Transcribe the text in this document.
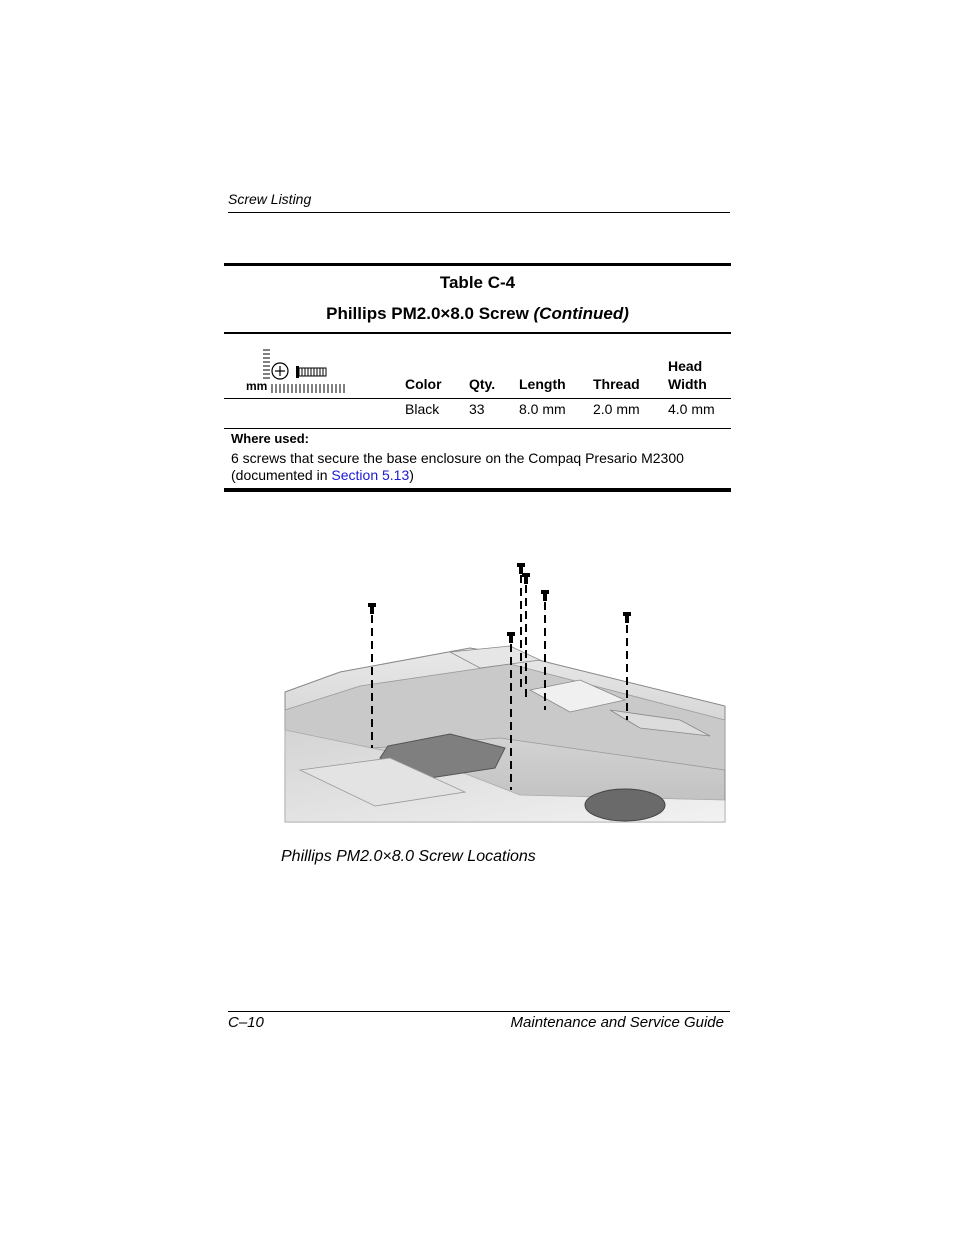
Screw Listing
Table C-4
Phillips PM2.0×8.0 Screw (Continued)
mm	Color Qty. Length Thread
Head
Width
Black 33 8.0 mm 2.0 mm 4.0 mm
Where used:
6 screws that secure the base enclosure on the Compaq Presario M2300 (documented in Section 5.13)
Phillips PM2.0×8.0 Screw Locations
C–10	Maintenance and Service Guide
